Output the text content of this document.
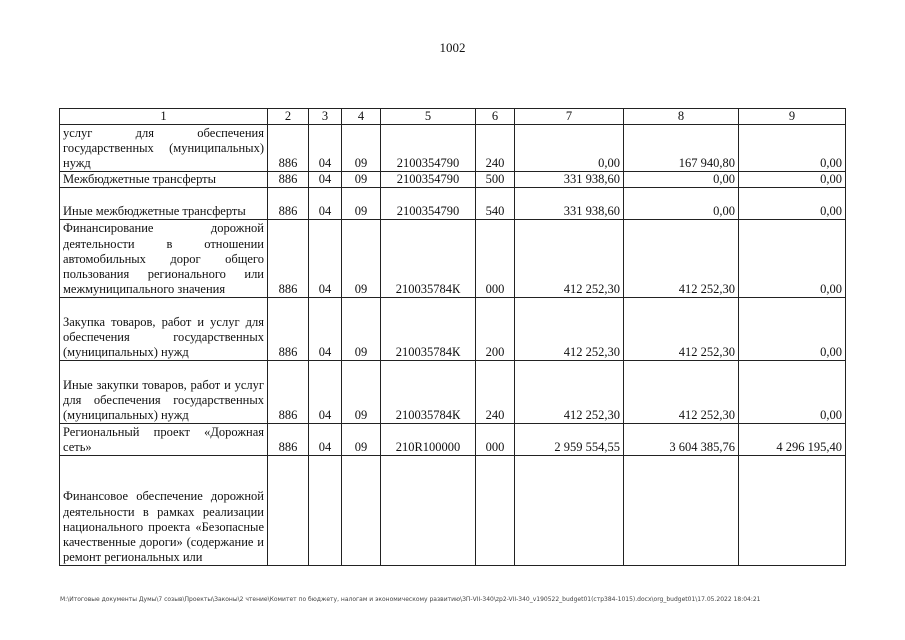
1002
1	2	3	4	5	6	7	8	9
услуг для обеспечения государственных (муниципальных) нужд	886	04	09	2100354790	240	0,00	167 940,80	0,00
Межбюджетные трансферты	886	04	09	2100354790	500	331 938,60	0,00	0,00
Иные межбюджетные трансферты	886	04	09	2100354790	540	331 938,60	0,00	0,00
Финансирование дорожной деятельности в отношении автомобильных дорог общего пользования регионального или межмуниципального значения	886	04	09	210035784К	000	412 252,30	412 252,30	0,00
Закупка товаров, работ и услуг для обеспечения государственных (муниципальных) нужд	886	04	09	210035784К	200	412 252,30	412 252,30	0,00
Иные закупки товаров, работ и услуг для обеспечения государственных (муниципальных) нужд	886	04	09	210035784К	240	412 252,30	412 252,30	0,00
Региональный проект «Дорожная сеть»	886	04	09	210R100000	000	2 959 554,55	3 604 385,76	4 296 195,40
Финансовое обеспечение дорожной деятельности в рамках реализации национального проекта «Безопасные качественные дороги» (содержание и ремонт региональных или								
M:\Итоговые документы Думы\7 созыв\Проекты\Законы\2 чтение\Комитет по бюджету, налогам и экономическому развитию\ЗП-VII-340\zp2-VII-340_v190522_budget01(стр384-1015).docx\org_budget01\17.05.2022 18:04:21
